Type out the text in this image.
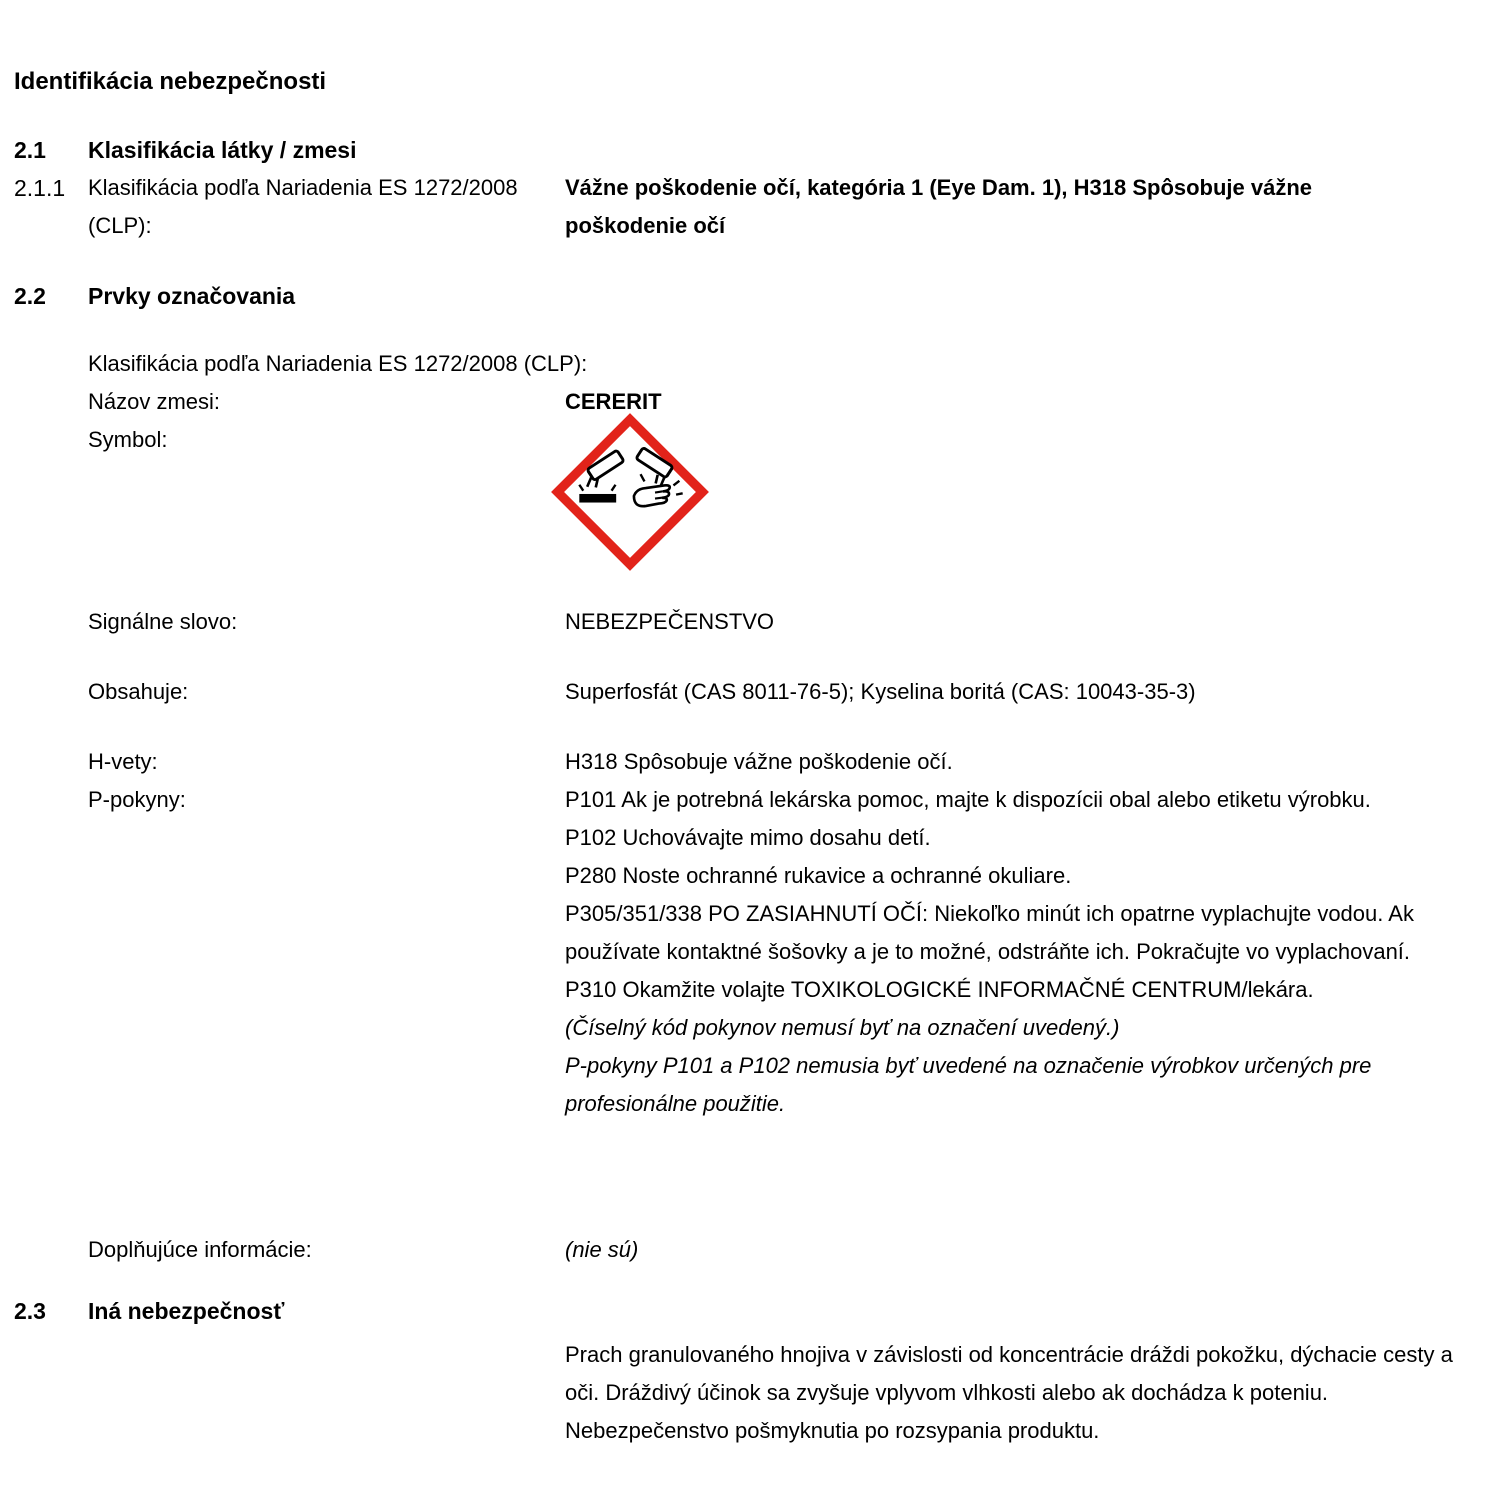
Identifikácia nebezpečnosti
2.1	Klasifikácia látky / zmesi
2.1.1	Klasifikácia podľa Nariadenia ES 1272/2008 (CLP):
Vážne poškodenie očí, kategória 1 (Eye Dam. 1), H318 Spôsobuje vážne poškodenie očí
2.2	Prvky označovania
Klasifikácia podľa Nariadenia ES 1272/2008 (CLP):
Názov zmesi:	CERERIT
Symbol:
Signálne slovo:	NEBEZPEČENSTVO
Obsahuje:	Superfosfát (CAS 8011-76-5); Kyselina boritá (CAS: 10043-35-3)
H-vety:	H318 Spôsobuje vážne poškodenie očí.
P-pokyny:	P101 Ak je potrebná lekárska pomoc, majte k dispozícii obal alebo etiketu výrobku.
P102 Uchovávajte mimo dosahu detí.
P280 Noste ochranné rukavice a ochranné okuliare.
P305/351/338 PO ZASIAHNUTÍ OČÍ: Niekoľko minút ich opatrne vyplachujte vodou. Ak používate kontaktné šošovky a je to možné, odstráňte ich. Pokračujte vo vyplachovaní.
P310 Okamžite volajte TOXIKOLOGICKÉ INFORMAČNÉ CENTRUM/lekára.
(Číselný kód pokynov nemusí byť na označení uvedený.)
P-pokyny P101 a P102 nemusia byť uvedené na označenie výrobkov určených pre profesionálne použitie.
Doplňujúce informácie:	(nie sú)
2.3	Iná nebezpečnosť
Prach granulovaného hnojiva v závislosti od koncentrácie dráždi pokožku, dýchacie cesty a oči. Dráždivý účinok sa zvyšuje vplyvom vlhkosti alebo ak dochádza k poteniu. Nebezpečenstvo pošmyknutia po rozsypania produktu.
